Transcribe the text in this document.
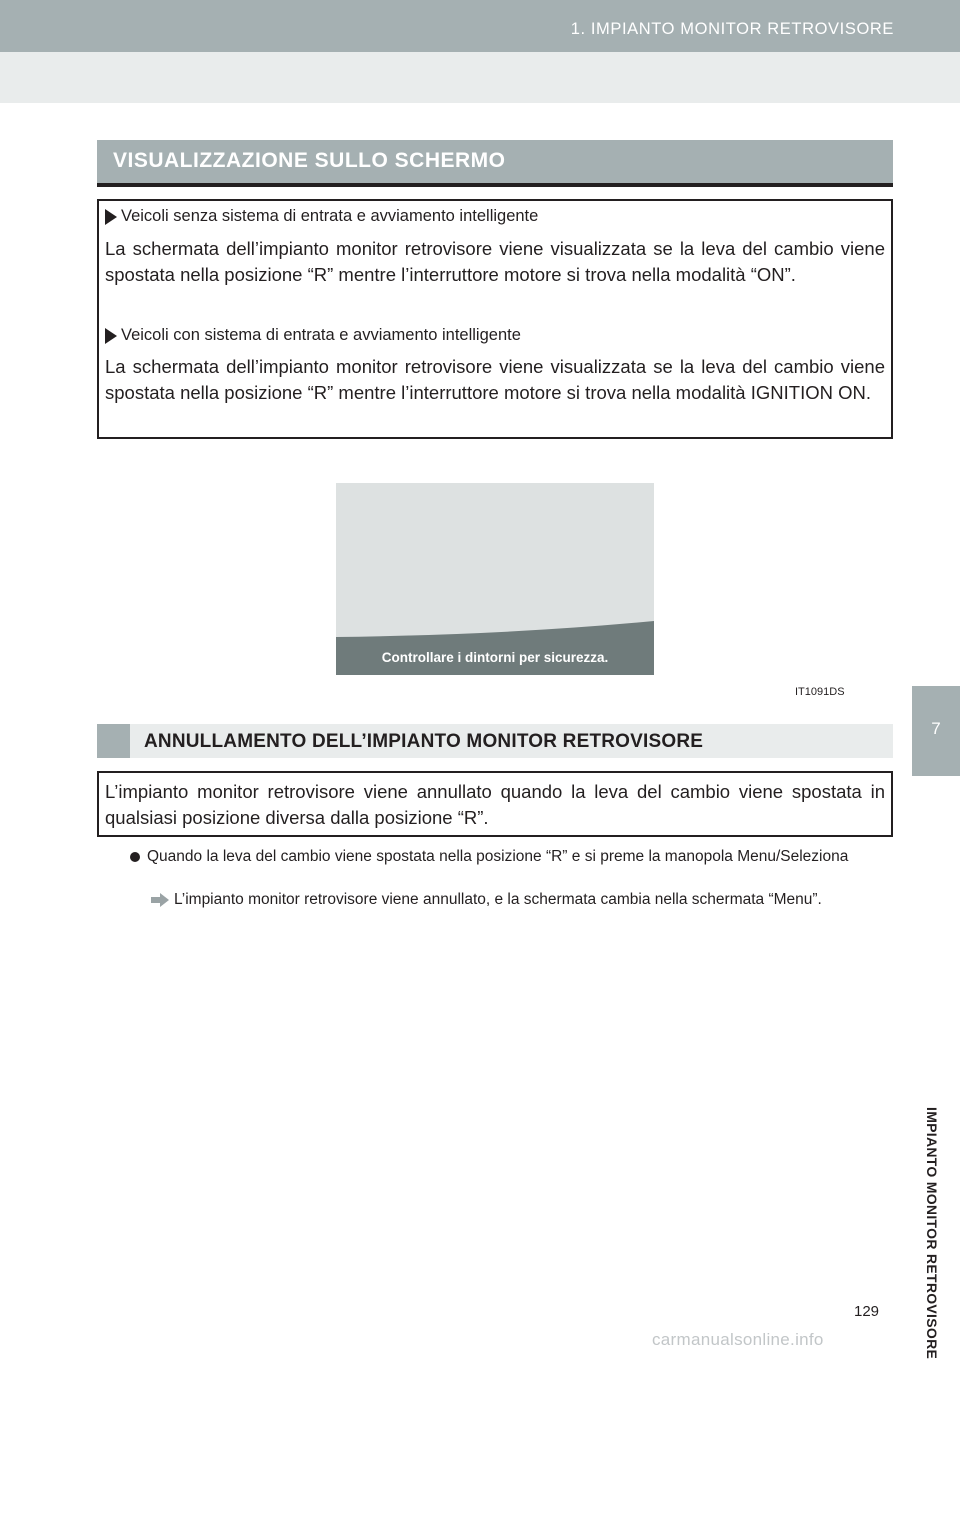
1. IMPIANTO MONITOR RETROVISORE
7
IMPIANTO MONITOR RETROVISORE
VISUALIZZAZIONE SULLO SCHERMO
Veicoli senza sistema di entrata e avviamento intelligente
La schermata dell’impianto monitor retrovisore viene visualizzata se la leva del cambio viene spostata nella posizione “R” mentre l’interruttore motore si trova nella modalità “ON”.
Veicoli con sistema di entrata e avviamento intelligente
La schermata dell’impianto monitor retrovisore viene visualizzata se la leva del cambio viene spostata nella posizione “R” mentre l’interruttore motore si trova nella modalità IGNITION ON.
Controllare i dintorni per sicurezza.
IT1091DS
ANNULLAMENTO DELL’IMPIANTO MONITOR RETROVISORE
L’impianto monitor retrovisore viene annullato quando la leva del cambio viene spostata in qualsiasi posizione diversa dalla posizione “R”.
Quando la leva del cambio viene spostata nella posizione “R” e si preme la manopola Menu/Seleziona
L’impianto monitor retrovisore viene annullato, e la schermata cambia nella schermata “Menu”.
129
carmanualsonline.info
